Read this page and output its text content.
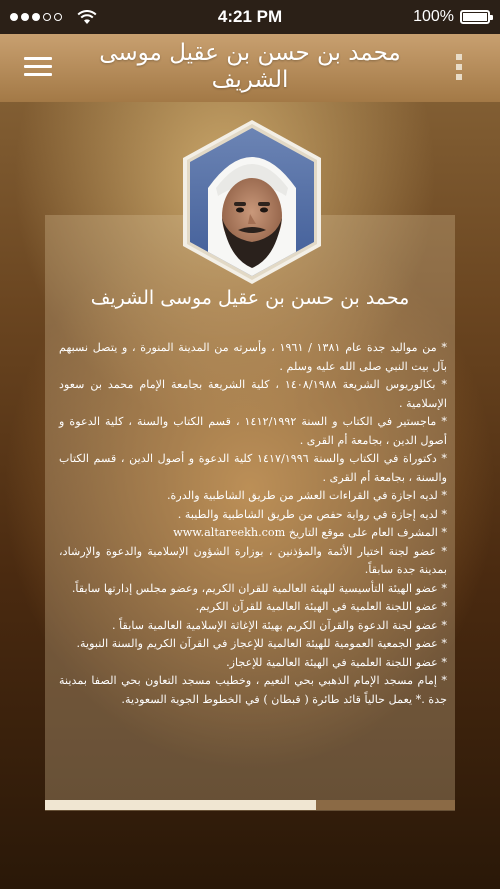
4:21 PM	100%
محمد بن حسن بن عقيل موسى الشريف
محمد بن حسن بن عقيل موسى الشريف
* من مواليد جدة عام ١٣٨١ / ١٩٦١ ، وأسرته من المدينة المنورة ، و يتصل نسبهم بآل بيت النبي صلى الله عليه وسلم .
* بكالوريوس الشريعة ١٤٠٨/١٩٨٨ ، كلية الشريعة بجامعة الإمام محمد بن سعود الإسلامية .
* ماجستير في الكتاب و السنة ١٤١٢/١٩٩٢ ، قسم الكتاب والسنة ، كلية الدعوة و أصول الدين ، بجامعة أم القرى .
* دكتوراة في الكتاب والسنة ١٤١٧/١٩٩٦ كلية الدعوة و أصول الدين ، قسم الكتاب والسنة ، بجامعة أم القرى .
* لديه اجازة في القراءات العشر من طريق الشاطبية والدرة.
* لديه إجازة في رواية حفص من طريق الشاطبية والطيبة .
* المشرف العام على موقع التاريخ www.altareekh.com
* عضو لجنة اختيار الأئمة والمؤذنين ، بوزارة الشؤون الإسلامية والدعوة والإرشاد، بمدينة جدة سابقاً.
* عضو الهيئة التأسيسية للهيئة العالمية للقران الكريم، وعضو مجلس إدارتها سابقاً.
* عضو اللجنة العلمية في الهيئة العالمية للقرآن الكريم.
* عضو لجنة الدعوة والقرآن الكريم بهيئة الإغاثة الإسلامية العالمية سابقاً .
* عضو الجمعية العمومية للهيئة العالمية للإعجاز في القرآن الكريم والسنة النبوية.
* عضو اللجنة العلمية في الهيئة العالمية للإعجاز.
* إمام مسجد الإمام الذهبي بحي النعيم ، وخطيب مسجد التعاون بحي الصفا بمدينة جدة .* يعمل حالياً قائد طائرة ( قبطان ) في الخطوط الجوية السعودية.
